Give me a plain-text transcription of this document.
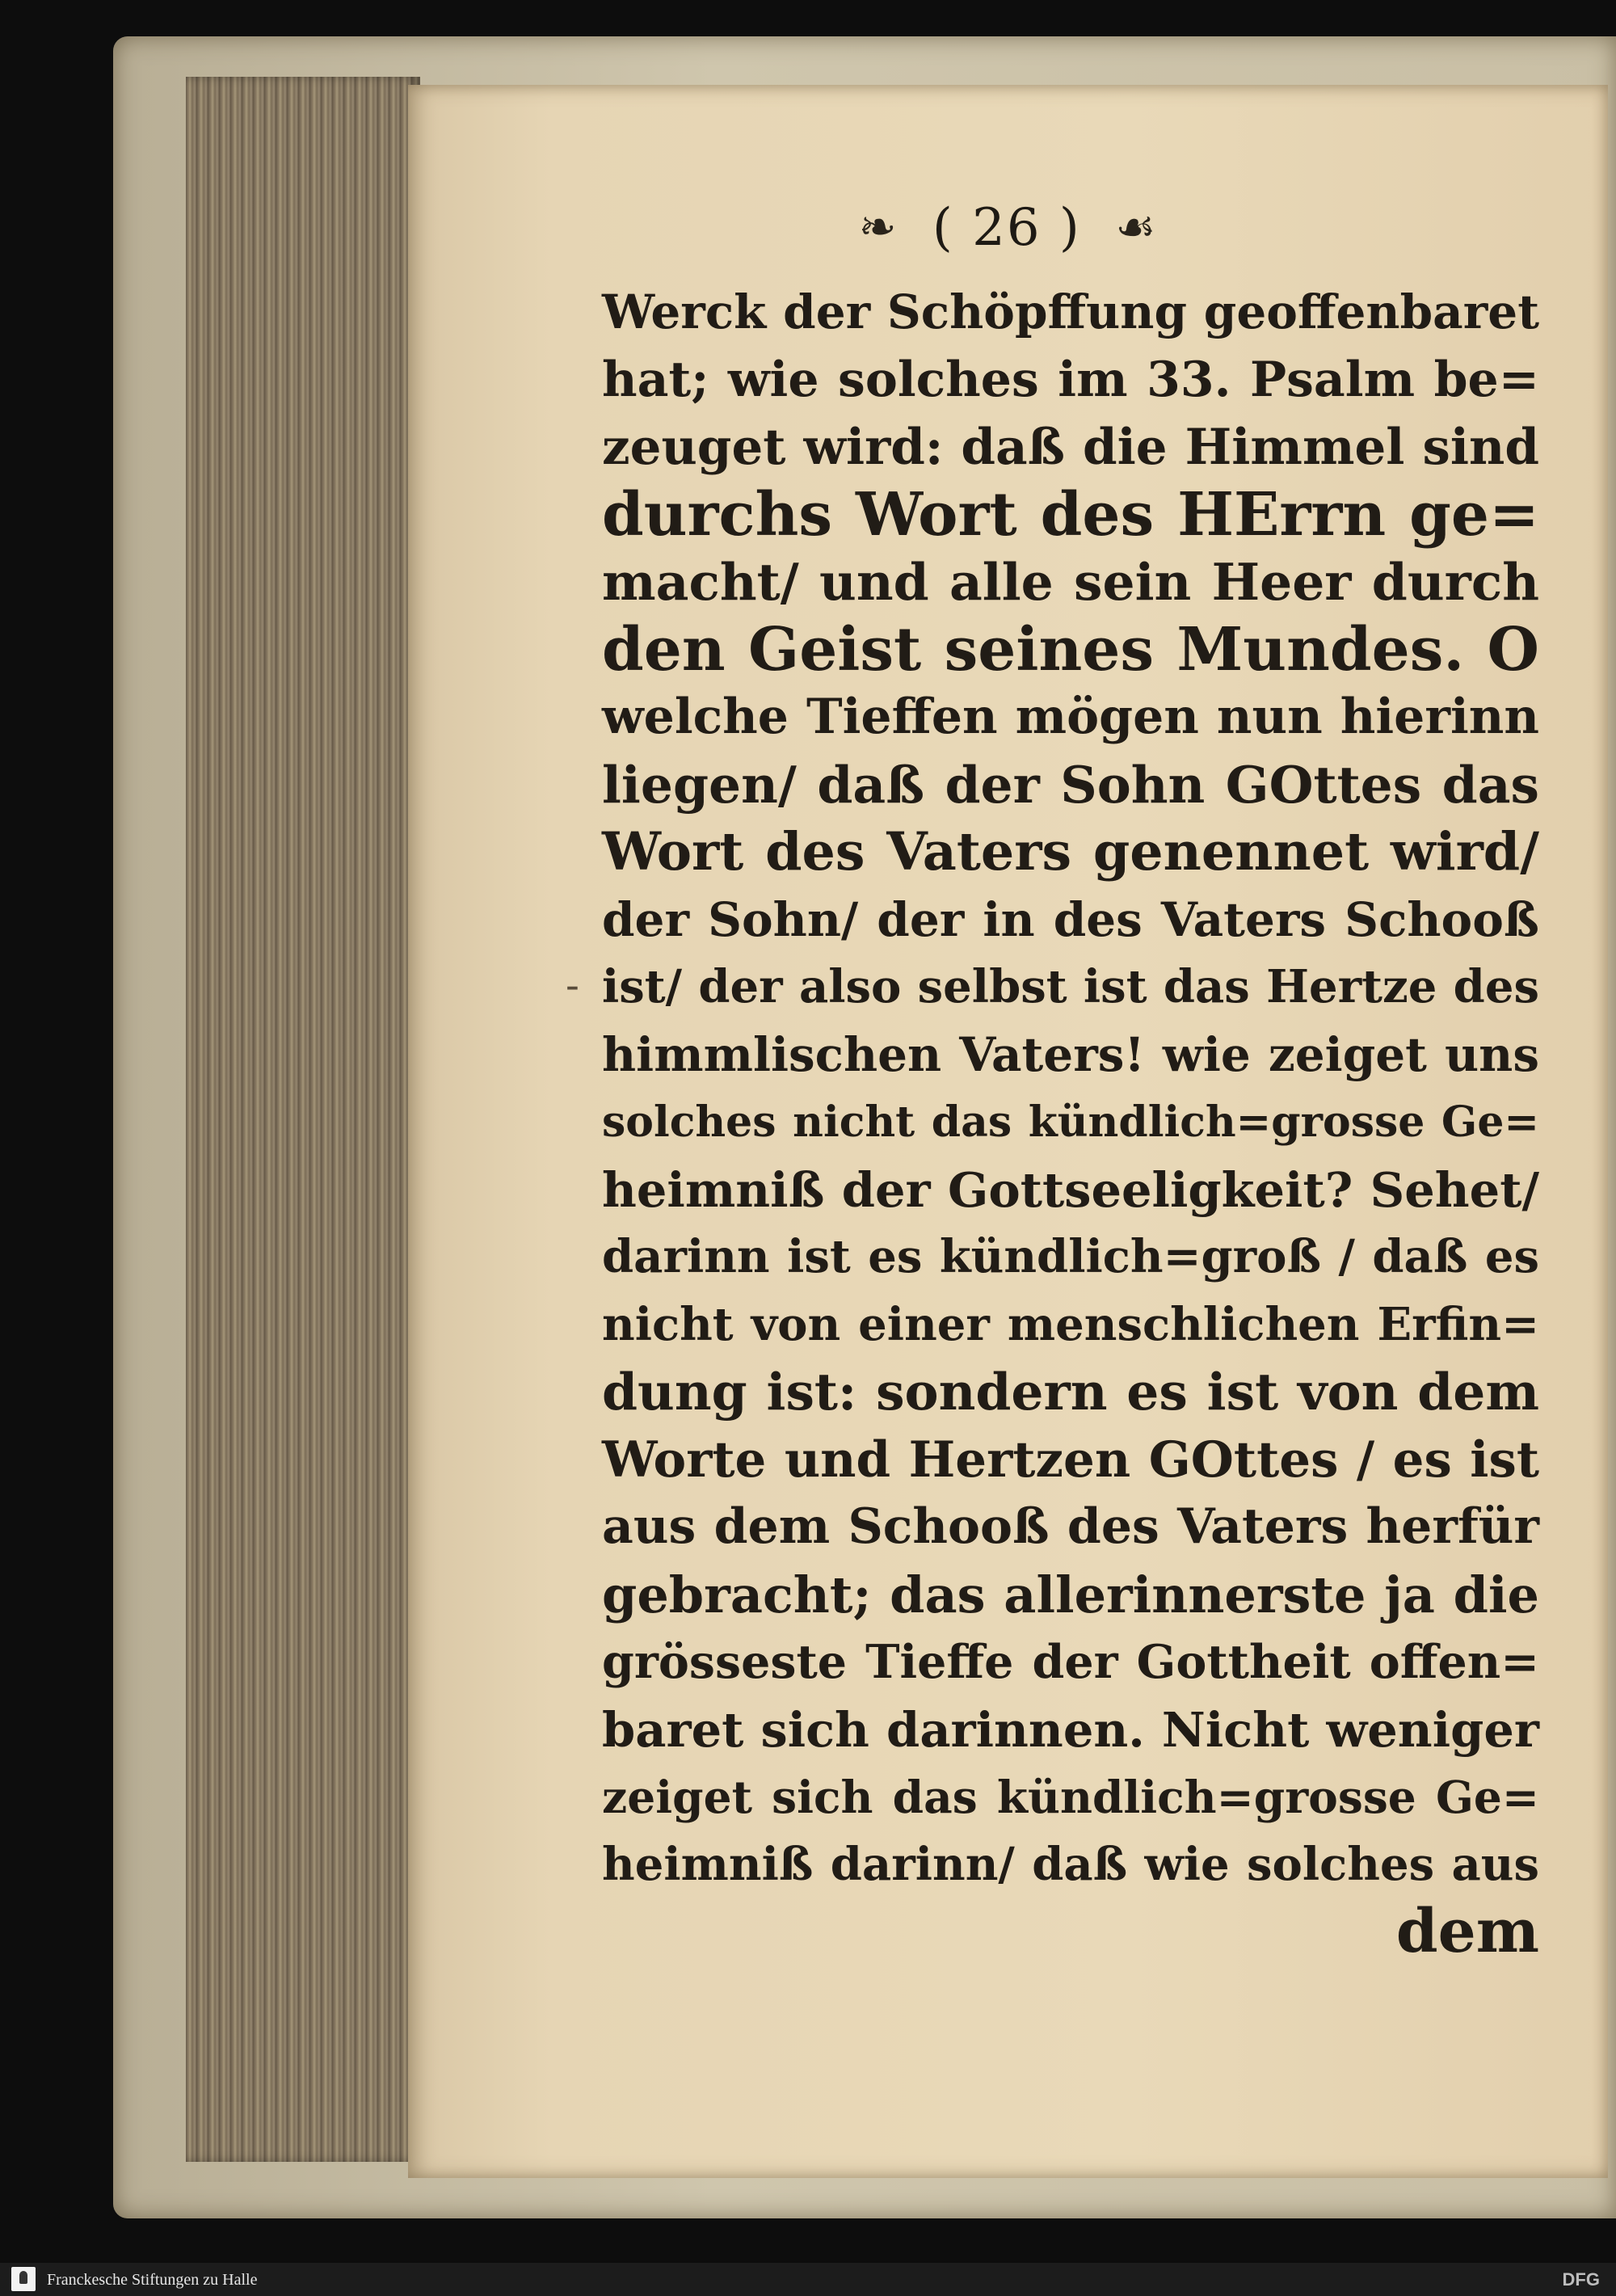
❧ ( 26 ) ☙
-
Werck der Schöpffung geoffenbaret
hat; wie solches im 33. Psalm be=
zeuget wird: daß die Himmel sind
durchs Wort des HErrn ge=
macht/ und alle sein Heer durch
den Geist seines Mundes. O
welche Tieffen mögen nun hierinn
liegen/ daß der Sohn GOttes das
Wort des Vaters genennet wird/
der Sohn/ der in des Vaters Schooß
ist/ der also selbst ist das Hertze des
himmlischen Vaters! wie zeiget uns
solches nicht das kündlich=grosse Ge=
heimniß der Gottseeligkeit? Sehet/
darinn ist es kündlich=groß / daß es
nicht von einer menschlichen Erfin=
dung ist: sondern es ist von dem
Worte und Hertzen GOttes / es ist
aus dem Schooß des Vaters herfür
gebracht; das allerinnerste ja die
grösseste Tieffe der Gottheit offen=
baret sich darinnen. Nicht weniger
zeiget sich das kündlich=grosse Ge=
heimniß darinn/ daß wie solches aus
dem
Franckesche Stiftungen zu Halle	DFG
